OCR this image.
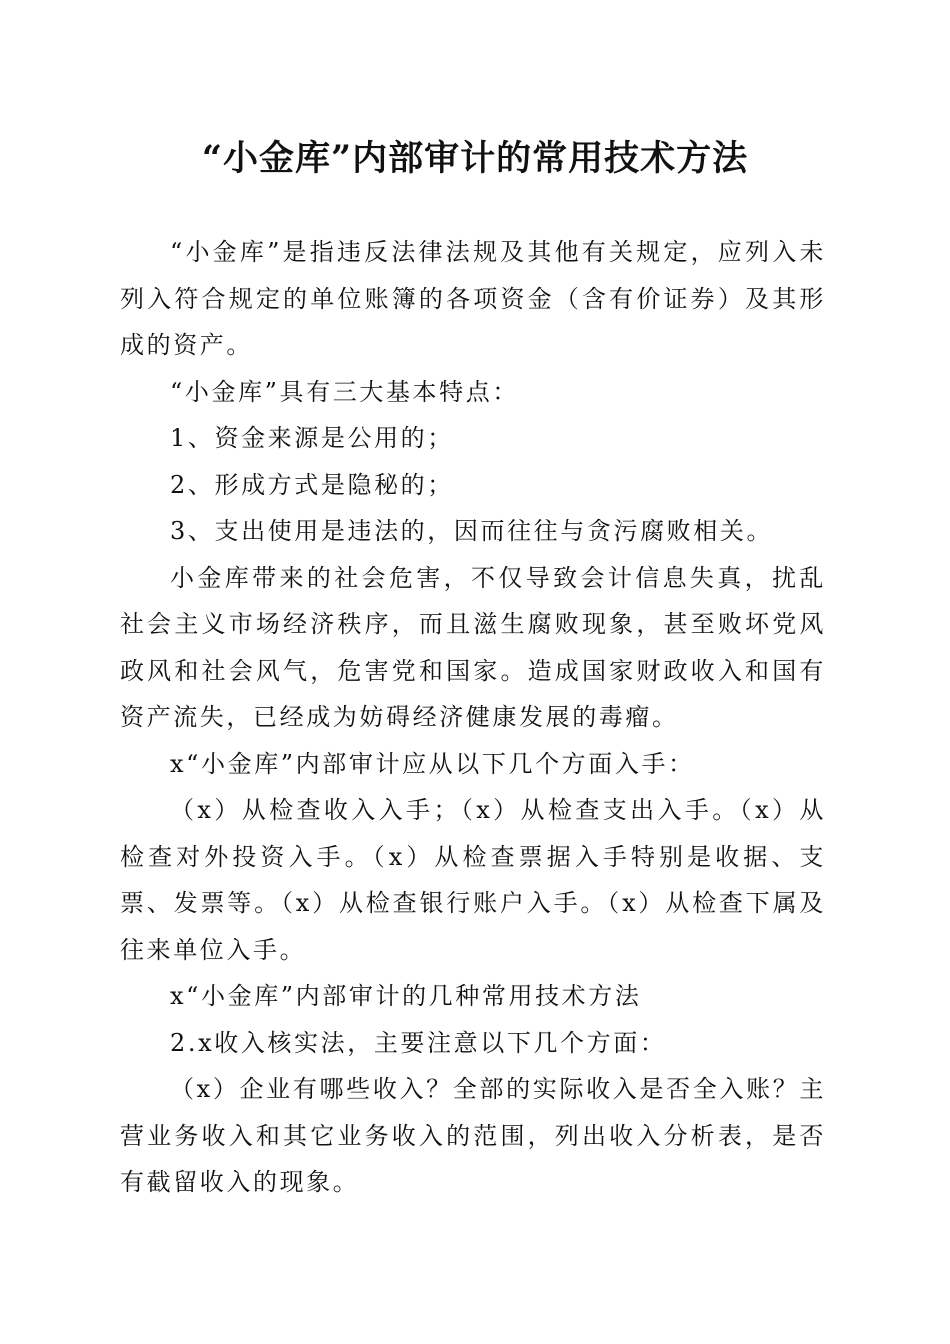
“小金库”内部审计的常用技术方法

“小金库”是指违反法律法规及其他有关规定，应列入未列入符合规定的单位账簿的各项资金（含有价证券）及其形成的资产。

“小金库”具有三大基本特点：

1、资金来源是公用的；

2、形成方式是隐秘的；

3、支出使用是违法的，因而往往与贪污腐败相关。

小金库带来的社会危害，不仅导致会计信息失真，扰乱社会主义市场经济秩序，而且滋生腐败现象，甚至败坏党风政风和社会风气，危害党和国家。造成国家财政收入和国有资产流失，已经成为妨碍经济健康发展的毒瘤。

x“小金库”内部审计应从以下几个方面入手：

（x）从检查收入入手；（x）从检查支出入手。（x）从检查对外投资入手。（x）从检查票据入手特别是收据、支票、发票等。（x）从检查银行账户入手。（x）从检查下属及往来单位入手。

x“小金库”内部审计的几种常用技术方法

2.x收入核实法，主要注意以下几个方面：

（x）企业有哪些收入？全部的实际收入是否全入账？主营业务收入和其它业务收入的范围，列出收入分析表，是否有截留收入的现象。
